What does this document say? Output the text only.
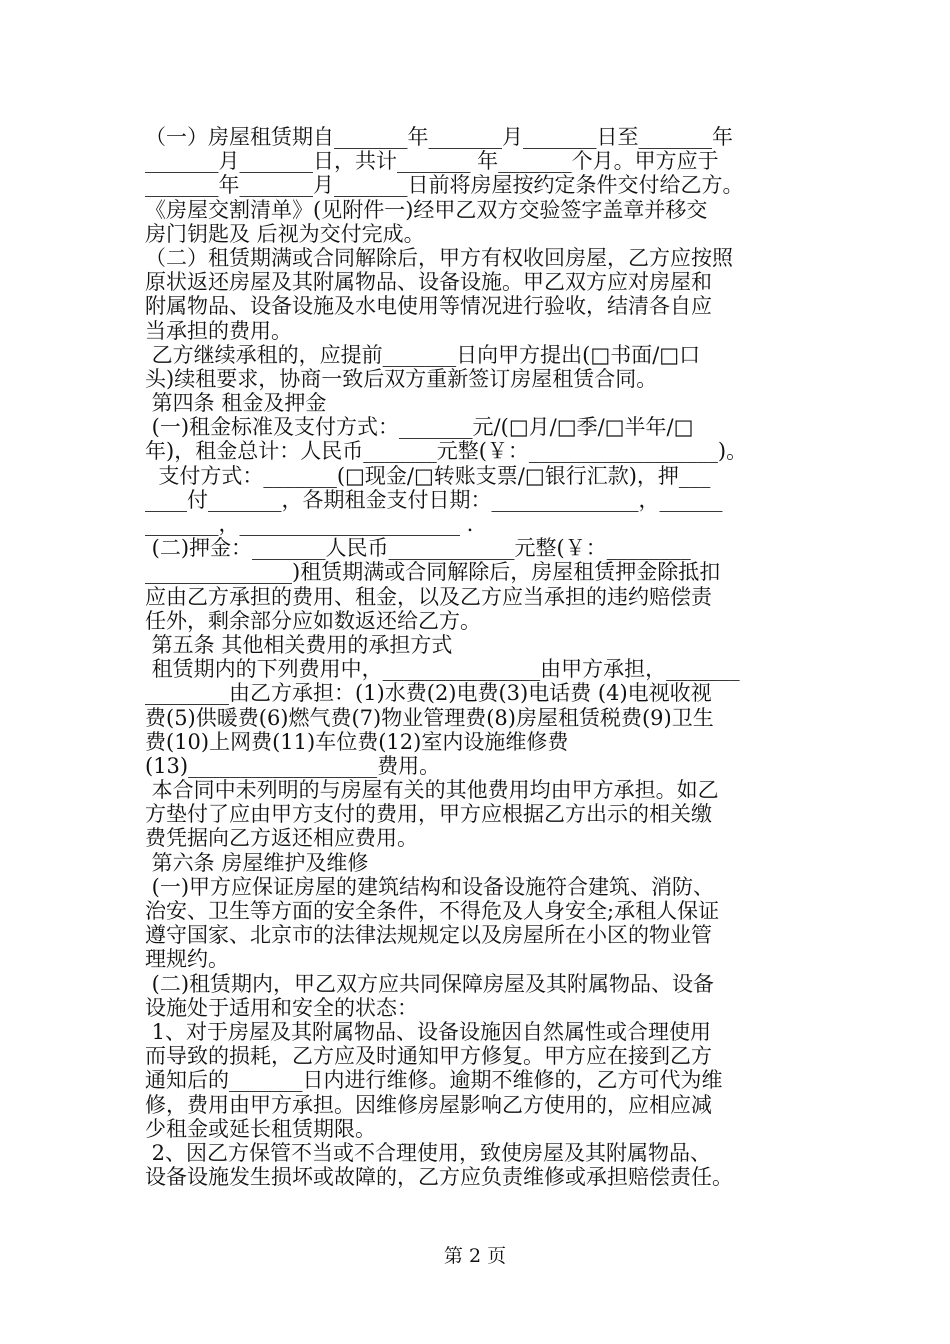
（一）房屋租赁期自_______年_______月_______日至_______年
_______月_______日，共计_______ 年_______个月。甲方应于
_______年_______月_______日前将房屋按约定条件交付给乙方。
《房屋交割清单》(见附件一)经甲乙双方交验签字盖章并移交
房门钥匙及 后视为交付完成。
（二）租赁期满或合同解除后，甲方有权收回房屋，乙方应按照
原状返还房屋及其附属物品、设备设施。甲乙双方应对房屋和
附属物品、设备设施及水电使用等情况进行验收，结清各自应
当承担的费用。
乙方继续承租的，应提前_______日向甲方提出(□书面/□口
头)续租要求，协商一致后双方重新签订房屋租赁合同。
第四条 租金及押金
(一)租金标准及支付方式：_______元/(□月/□季/□半年/□
年)，租金总计：人民币_______元整(￥：__________________)。
支付方式：_______(□现金/□转账支票/□银行汇款)，押___
____付_______，各期租金支付日期：______________，______
_______，_____________________ .
(二)押金：_______人民币____________元整(￥：________
______________)租赁期满或合同解除后，房屋租赁押金除抵扣
应由乙方承担的费用、租金，以及乙方应当承担的违约赔偿责
任外，剩余部分应如数返还给乙方。
第五条 其他相关费用的承担方式
租赁期内的下列费用中，_______________由甲方承担，_______
________由乙方承担：(1)水费(2)电费(3)电话费 (4)电视收视
费(5)供暖费(6)燃气费(7)物业管理费(8)房屋租赁税费(9)卫生
费(10)上网费(11)车位费(12)室内设施维修费
(13)__________________费用。
本合同中未列明的与房屋有关的其他费用均由甲方承担。如乙
方垫付了应由甲方支付的费用，甲方应根据乙方出示的相关缴
费凭据向乙方返还相应费用。
第六条 房屋维护及维修
(一)甲方应保证房屋的建筑结构和设备设施符合建筑、消防、
治安、卫生等方面的安全条件，不得危及人身安全;承租人保证
遵守国家、北京市的法律法规规定以及房屋所在小区的物业管
理规约。
(二)租赁期内，甲乙双方应共同保障房屋及其附属物品、设备
设施处于适用和安全的状态：
1、对于房屋及其附属物品、设备设施因自然属性或合理使用
而导致的损耗，乙方应及时通知甲方修复。甲方应在接到乙方
通知后的_______日内进行维修。逾期不维修的，乙方可代为维
修，费用由甲方承担。因维修房屋影响乙方使用的，应相应减
少租金或延长租赁期限。
2、因乙方保管不当或不合理使用，致使房屋及其附属物品、
设备设施发生损坏或故障的，乙方应负责维修或承担赔偿责任。
第 2 页
